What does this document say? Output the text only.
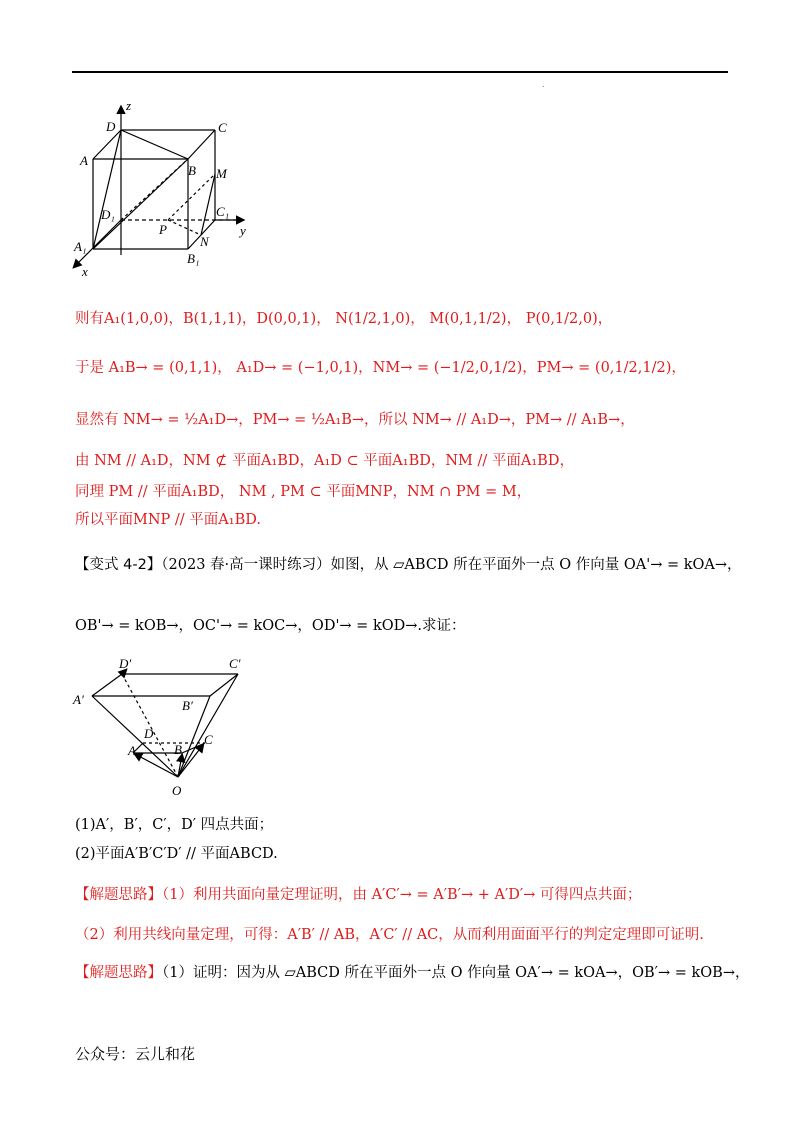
.
z
D	C
A
B M
D₁	C₁
P
N
y
A₁
B₁
x
则有A₁(1,0,0)，B(1,1,1)，D(0,0,1)， N(1/2,1,0)， M(0,1,1/2)， P(0,1/2,0)，
于是 A₁B→ = (0,1,1)， A₁D→ = (−1,0,1)，NM→ = (−1/2,0,1/2)，PM→ = (0,1/2,1/2)，
显然有 NM→ = ½A₁D→，PM→ = ½A₁B→，所以 NM→ // A₁D→，PM→ // A₁B→，
由 NM // A₁D，NM ⊄ 平面A₁BD，A₁D ⊂ 平面A₁BD，NM // 平面A₁BD，
同理 PM // 平面A₁BD， NM , PM ⊂ 平面MNP，NM ∩ PM = M，
所以平面MNP // 平面A₁BD.
【变式 4-2】（2023 春·高一课时练习）如图，从 ▱ABCD 所在平面外一点 O 作向量 OA'→ = kOA→，
OB'→ = kOB→，OC'→ = kOC→，OD'→ = kOD→.求证：
D′	C′
A′	B′
D
A	B
C
O
(1)A′，B′，C′，D′ 四点共面；
(2)平面A′B′C′D′ // 平面ABCD.
【解题思路】（1）利用共面向量定理证明，由 A′C′→ = A′B′→ + A′D′→ 可得四点共面；
（2）利用共线向量定理，可得：A′B′ // AB，A′C′ // AC，从而利用面面平行的判定定理即可证明.
【解题思路】（1）证明：因为从 ▱ABCD 所在平面外一点 O 作向量 OA′→ = kOA→，OB′→ = kOB→，
公众号：云儿和花
